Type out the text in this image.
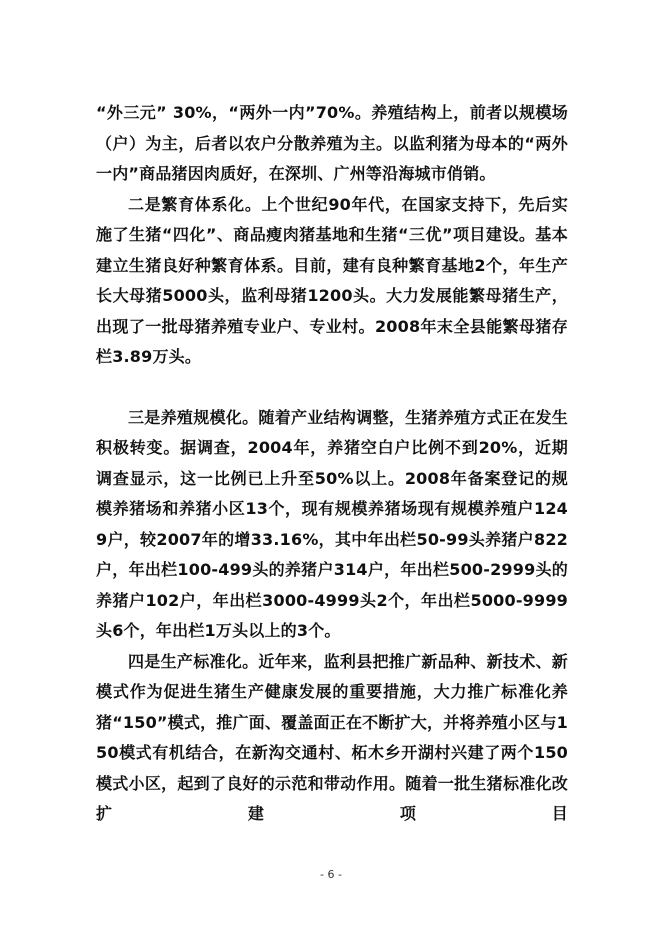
“外三元” 30%，“两外一内”70%。养殖结构上，前者以规模场（户）为主，后者以农户分散养殖为主。以监利猪为母本的“两外一内”商品猪因肉质好，在深圳、广州等沿海城市俏销。

二是繁育体系化。上个世纪90年代，在国家支持下，先后实施了生猪“四化”、商品瘦肉猪基地和生猪“三优”项目建设。基本建立生猪良好种繁育体系。目前，建有良种繁育基地2个，年生产长大母猪5000头，监利母猪1200头。大力发展能繁母猪生产，出现了一批母猪养殖专业户、专业村。2008年末全县能繁母猪存栏3.89万头。

三是养殖规模化。随着产业结构调整，生猪养殖方式正在发生积极转变。据调查，2004年，养猪空白户比例不到20%，近期调查显示，这一比例已上升至50%以上。2008年备案登记的规模养猪场和养猪小区13个，现有规模养猪场现有规模养殖户1249户，较2007年的增33.16%，其中年出栏50-99头养猪户822户，年出栏100-499头的养猪户314户，年出栏500-2999头的养猪户102户，年出栏3000-4999头2个，年出栏5000-9999头6个，年出栏1万头以上的3个。

四是生产标准化。近年来，监利县把推广新品种、新技术、新模式作为促进生猪生产健康发展的重要措施，大力推广标准化养猪“150”模式，推广面、覆盖面正在不断扩大，并将养殖小区与150模式有机结合，在新沟交通村、柘木乡开湖村兴建了两个150模式小区，起到了良好的示范和带动作用。随着一批生猪标准化改扩建项目

- 6 -
